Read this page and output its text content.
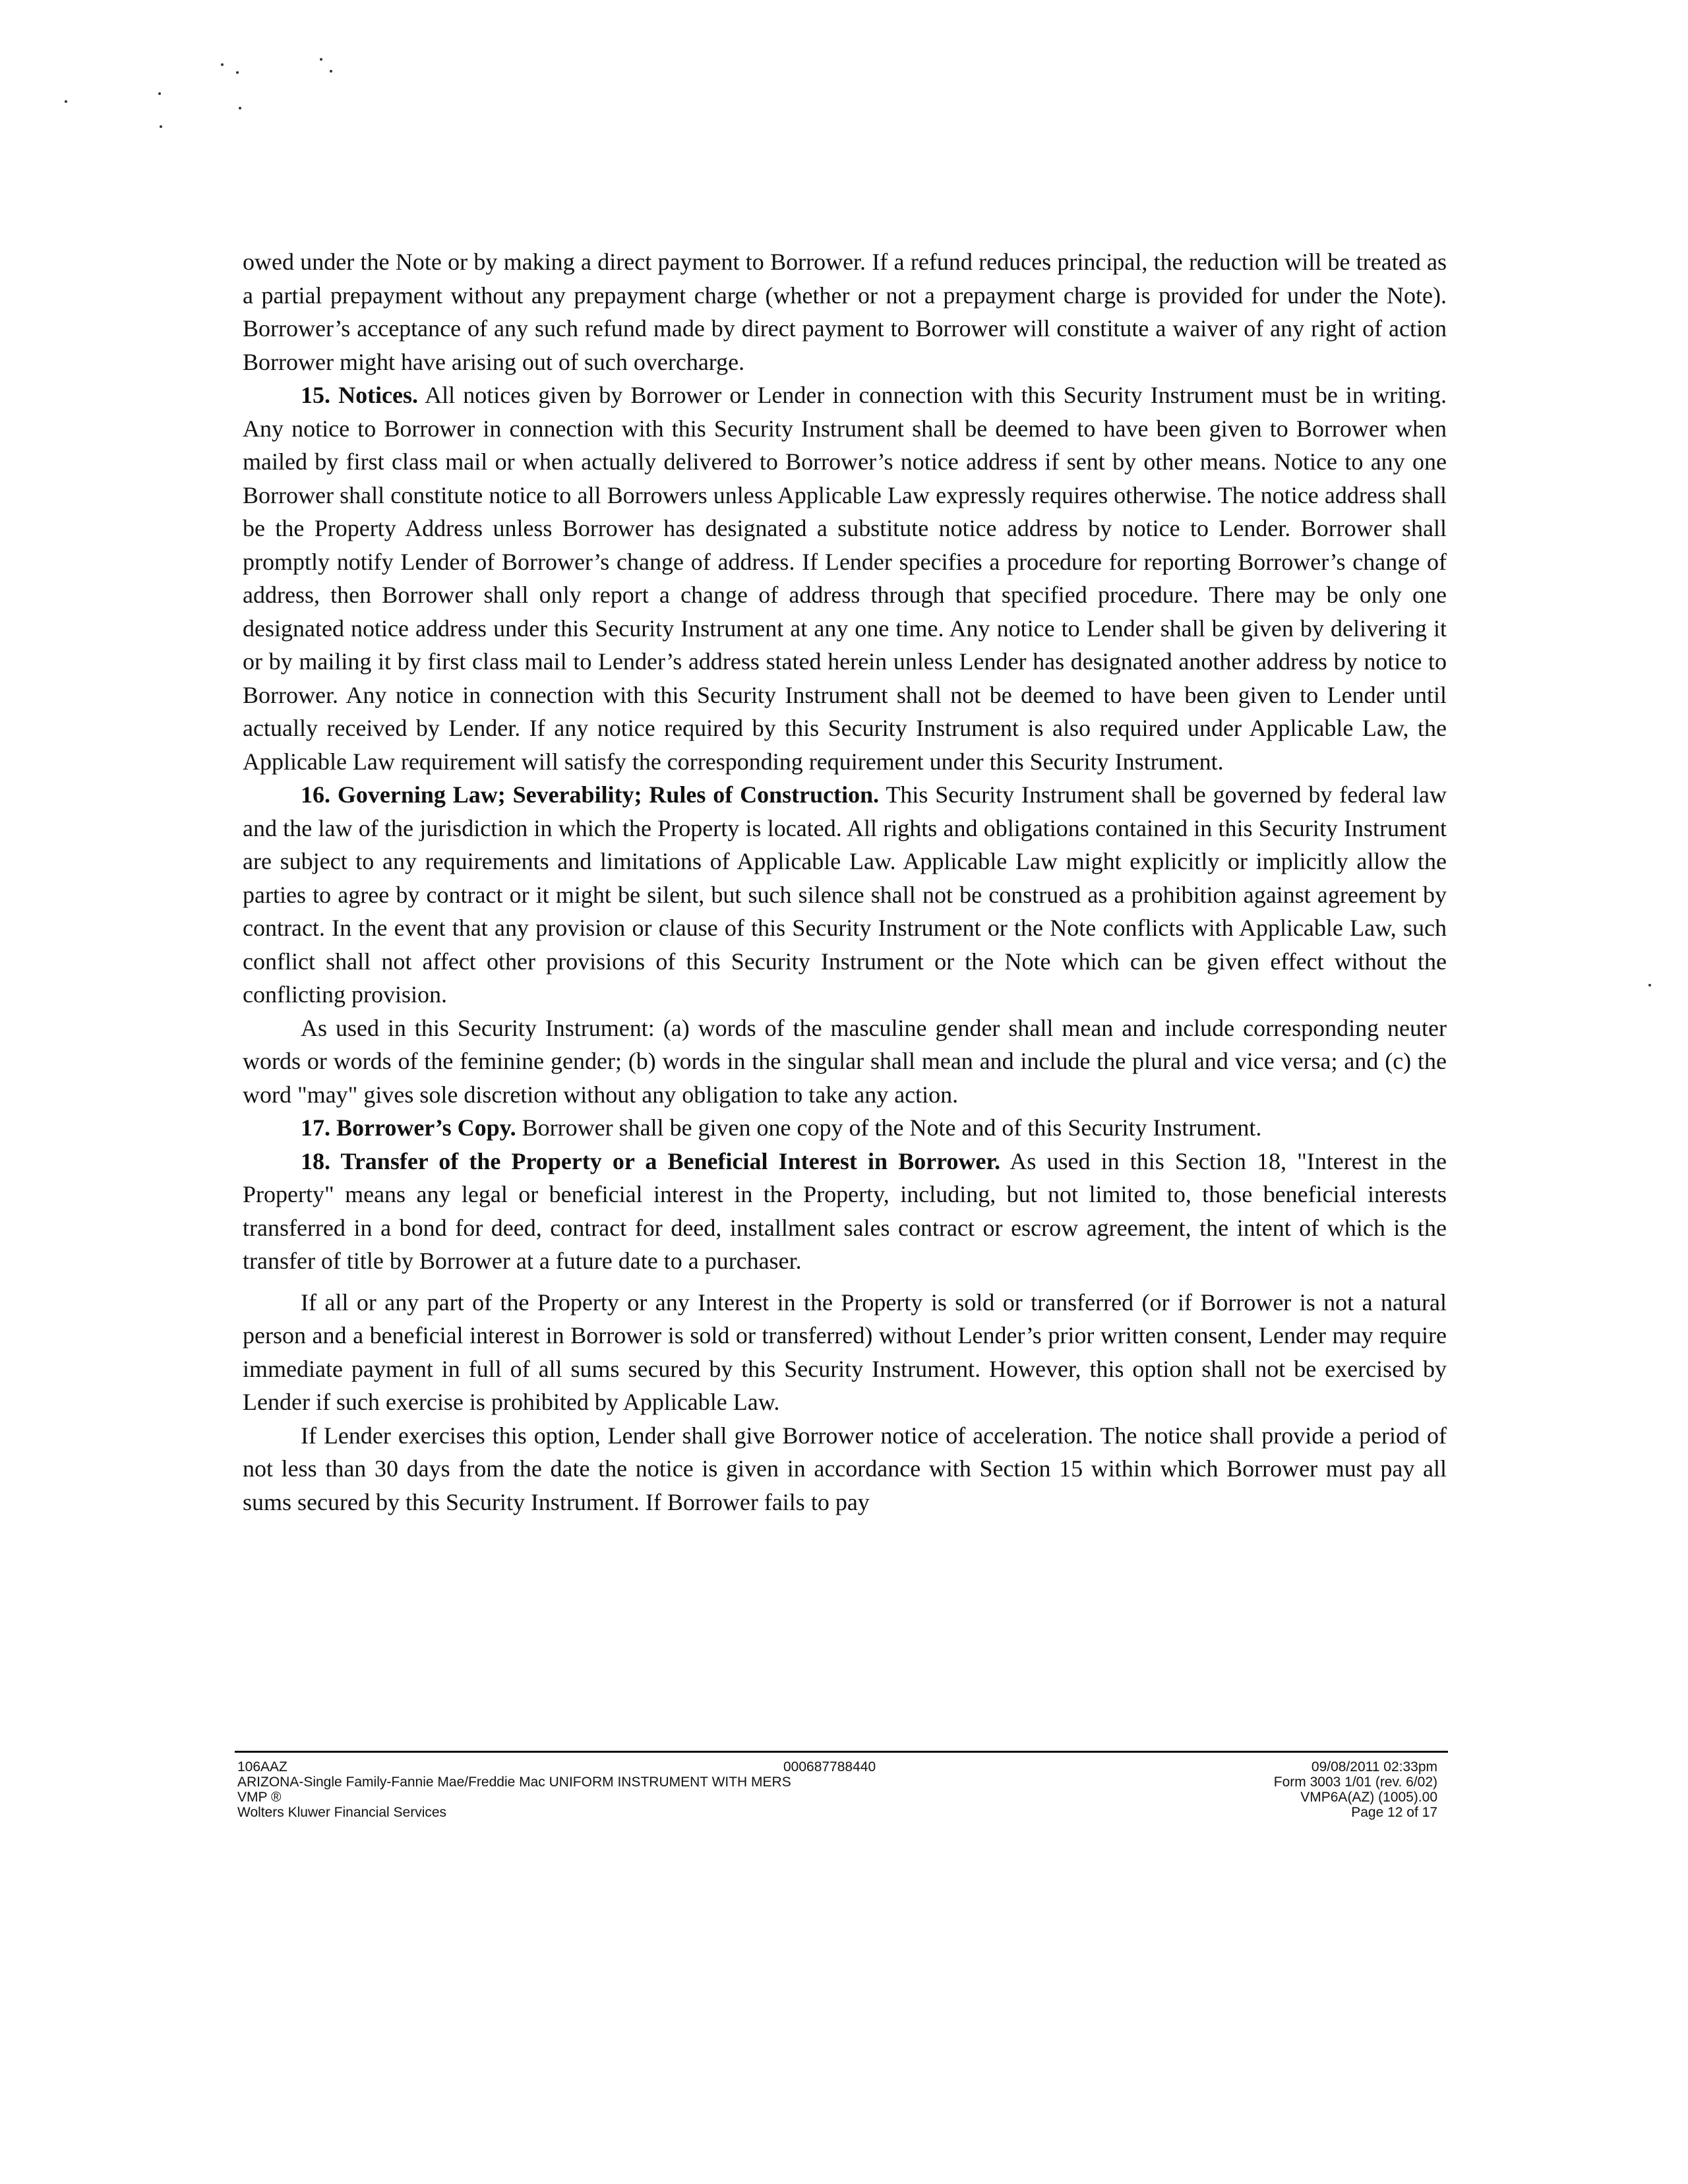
owed under the Note or by making a direct payment to Borrower. If a refund reduces principal, the reduction will be treated as a partial prepayment without any prepayment charge (whether or not a prepayment charge is provided for under the Note). Borrower’s acceptance of any such refund made by direct payment to Borrower will constitute a waiver of any right of action Borrower might have arising out of such overcharge.

15. Notices. All notices given by Borrower or Lender in connection with this Security Instrument must be in writing. Any notice to Borrower in connection with this Security Instrument shall be deemed to have been given to Borrower when mailed by first class mail or when actually delivered to Borrower’s notice address if sent by other means. Notice to any one Borrower shall constitute notice to all Borrowers unless Applicable Law expressly requires otherwise. The notice address shall be the Property Address unless Borrower has designated a substitute notice address by notice to Lender. Borrower shall promptly notify Lender of Borrower’s change of address. If Lender specifies a procedure for reporting Borrower’s change of address, then Borrower shall only report a change of address through that specified procedure. There may be only one designated notice address under this Security Instrument at any one time. Any notice to Lender shall be given by delivering it or by mailing it by first class mail to Lender’s address stated herein unless Lender has designated another address by notice to Borrower. Any notice in connection with this Security Instrument shall not be deemed to have been given to Lender until actually received by Lender. If any notice required by this Security Instrument is also required under Applicable Law, the Applicable Law requirement will satisfy the corresponding requirement under this Security Instrument.

16. Governing Law; Severability; Rules of Construction. This Security Instrument shall be governed by federal law and the law of the jurisdiction in which the Property is located. All rights and obligations contained in this Security Instrument are subject to any requirements and limitations of Applicable Law. Applicable Law might explicitly or implicitly allow the parties to agree by contract or it might be silent, but such silence shall not be construed as a prohibition against agreement by contract. In the event that any provision or clause of this Security Instrument or the Note conflicts with Applicable Law, such conflict shall not affect other provisions of this Security Instrument or the Note which can be given effect without the conflicting provision.

As used in this Security Instrument: (a) words of the masculine gender shall mean and include corresponding neuter words or words of the feminine gender; (b) words in the singular shall mean and include the plural and vice versa; and (c) the word "may" gives sole discretion without any obligation to take any action.

17. Borrower’s Copy. Borrower shall be given one copy of the Note and of this Security Instrument.

18. Transfer of the Property or a Beneficial Interest in Borrower. As used in this Section 18, "Interest in the Property" means any legal or beneficial interest in the Property, including, but not limited to, those beneficial interests transferred in a bond for deed, contract for deed, installment sales contract or escrow agreement, the intent of which is the transfer of title by Borrower at a future date to a purchaser.

If all or any part of the Property or any Interest in the Property is sold or transferred (or if Borrower is not a natural person and a beneficial interest in Borrower is sold or transferred) without Lender’s prior written consent, Lender may require immediate payment in full of all sums secured by this Security Instrument. However, this option shall not be exercised by Lender if such exercise is prohibited by Applicable Law.

If Lender exercises this option, Lender shall give Borrower notice of acceleration. The notice shall provide a period of not less than 30 days from the date the notice is given in accordance with Section 15 within which Borrower must pay all sums secured by this Security Instrument. If Borrower fails to pay

106AAZ
ARIZONA-Single Family-Fannie Mae/Freddie Mac UNIFORM INSTRUMENT WITH MERS
VMP ®
Wolters Kluwer Financial Services
000687788440	09/08/2011 02:33pm
Form 3003 1/01 (rev. 6/02)
VMP6A(AZ) (1005).00
Page 12 of 17
